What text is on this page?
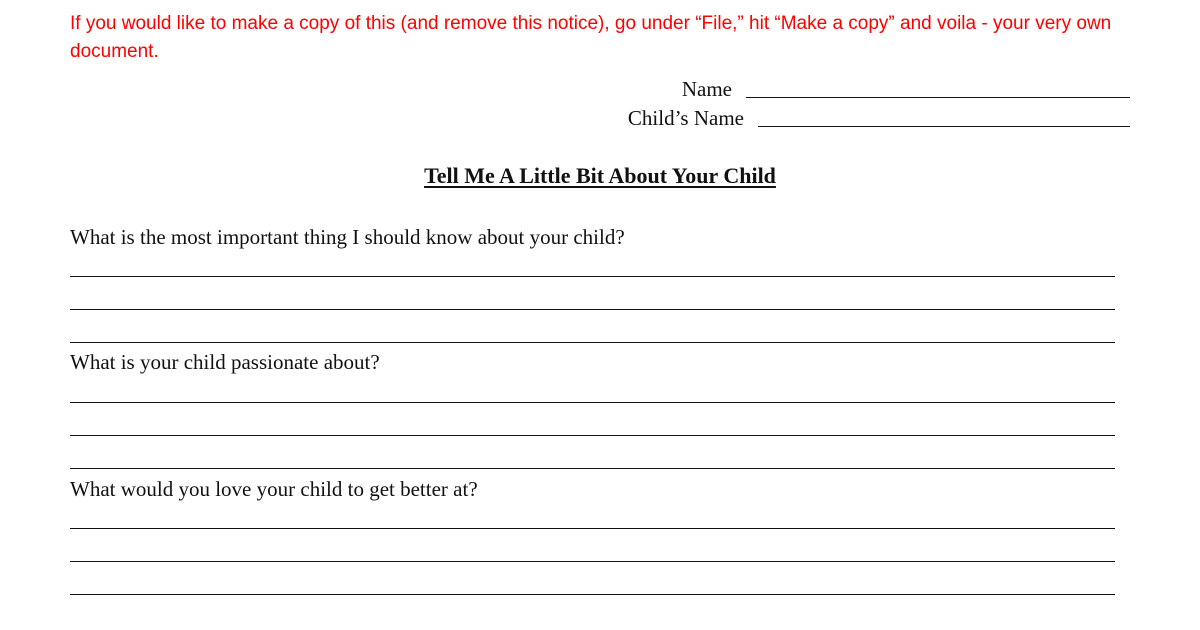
If you would like to make a copy of this (and remove this notice), go under “File,” hit “Make a copy” and voila - your very own document.
Name
Child’s Name
Tell Me A Little Bit About Your Child
What is the most important thing I should know about your child?
What is your child passionate about?
What would you love your child to get better at?
